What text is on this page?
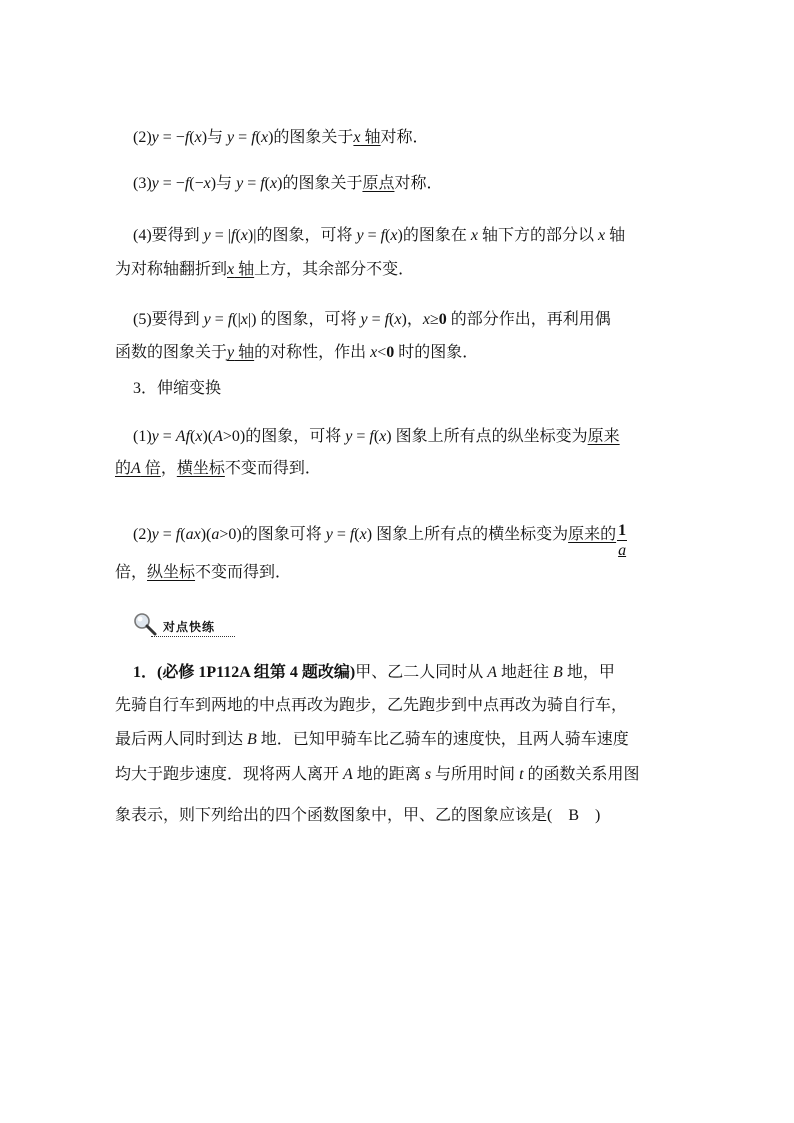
(2)y = −f(x)与 y = f(x)的图象关于x 轴对称．
(3)y = −f(−x)与 y = f(x)的图象关于原点对称．
(4)要得到 y = |f(x)|的图象，可将 y = f(x)的图象在 x 轴下方的部分以 x 轴
为对称轴翻折到x 轴上方，其余部分不变．
(5)要得到 y = f(|x|) 的图象，可将 y = f(x)，x≥0 的部分作出，再利用偶
函数的图象关于y 轴的对称性，作出 x<0 时的图象．
3．伸缩变换
(1)y = Af(x)(A>0)的图象，可将 y = f(x) 图象上所有点的纵坐标变为原来
的A 倍，横坐标不变而得到．
(2)y = f(ax)(a>0)的图象可将 y = f(x) 图象上所有点的横坐标变为原来的 $\frac{1}{a}$
倍，纵坐标不变而得到．
1．(必修 1P112A 组第 4 题改编)甲、乙二人同时从 A 地赶往 B 地，甲
先骑自行车到两地的中点再改为跑步，乙先跑步到中点再改为骑自行车，
最后两人同时到达 B 地．已知甲骑车比乙骑车的速度快，且两人骑车速度
均大于跑步速度．现将两人离开 A 地的距离 s 与所用时间 t 的函数关系用图
象表示，则下列给出的四个函数图象中，甲、乙的图象应该是(　B　)
对点快练
